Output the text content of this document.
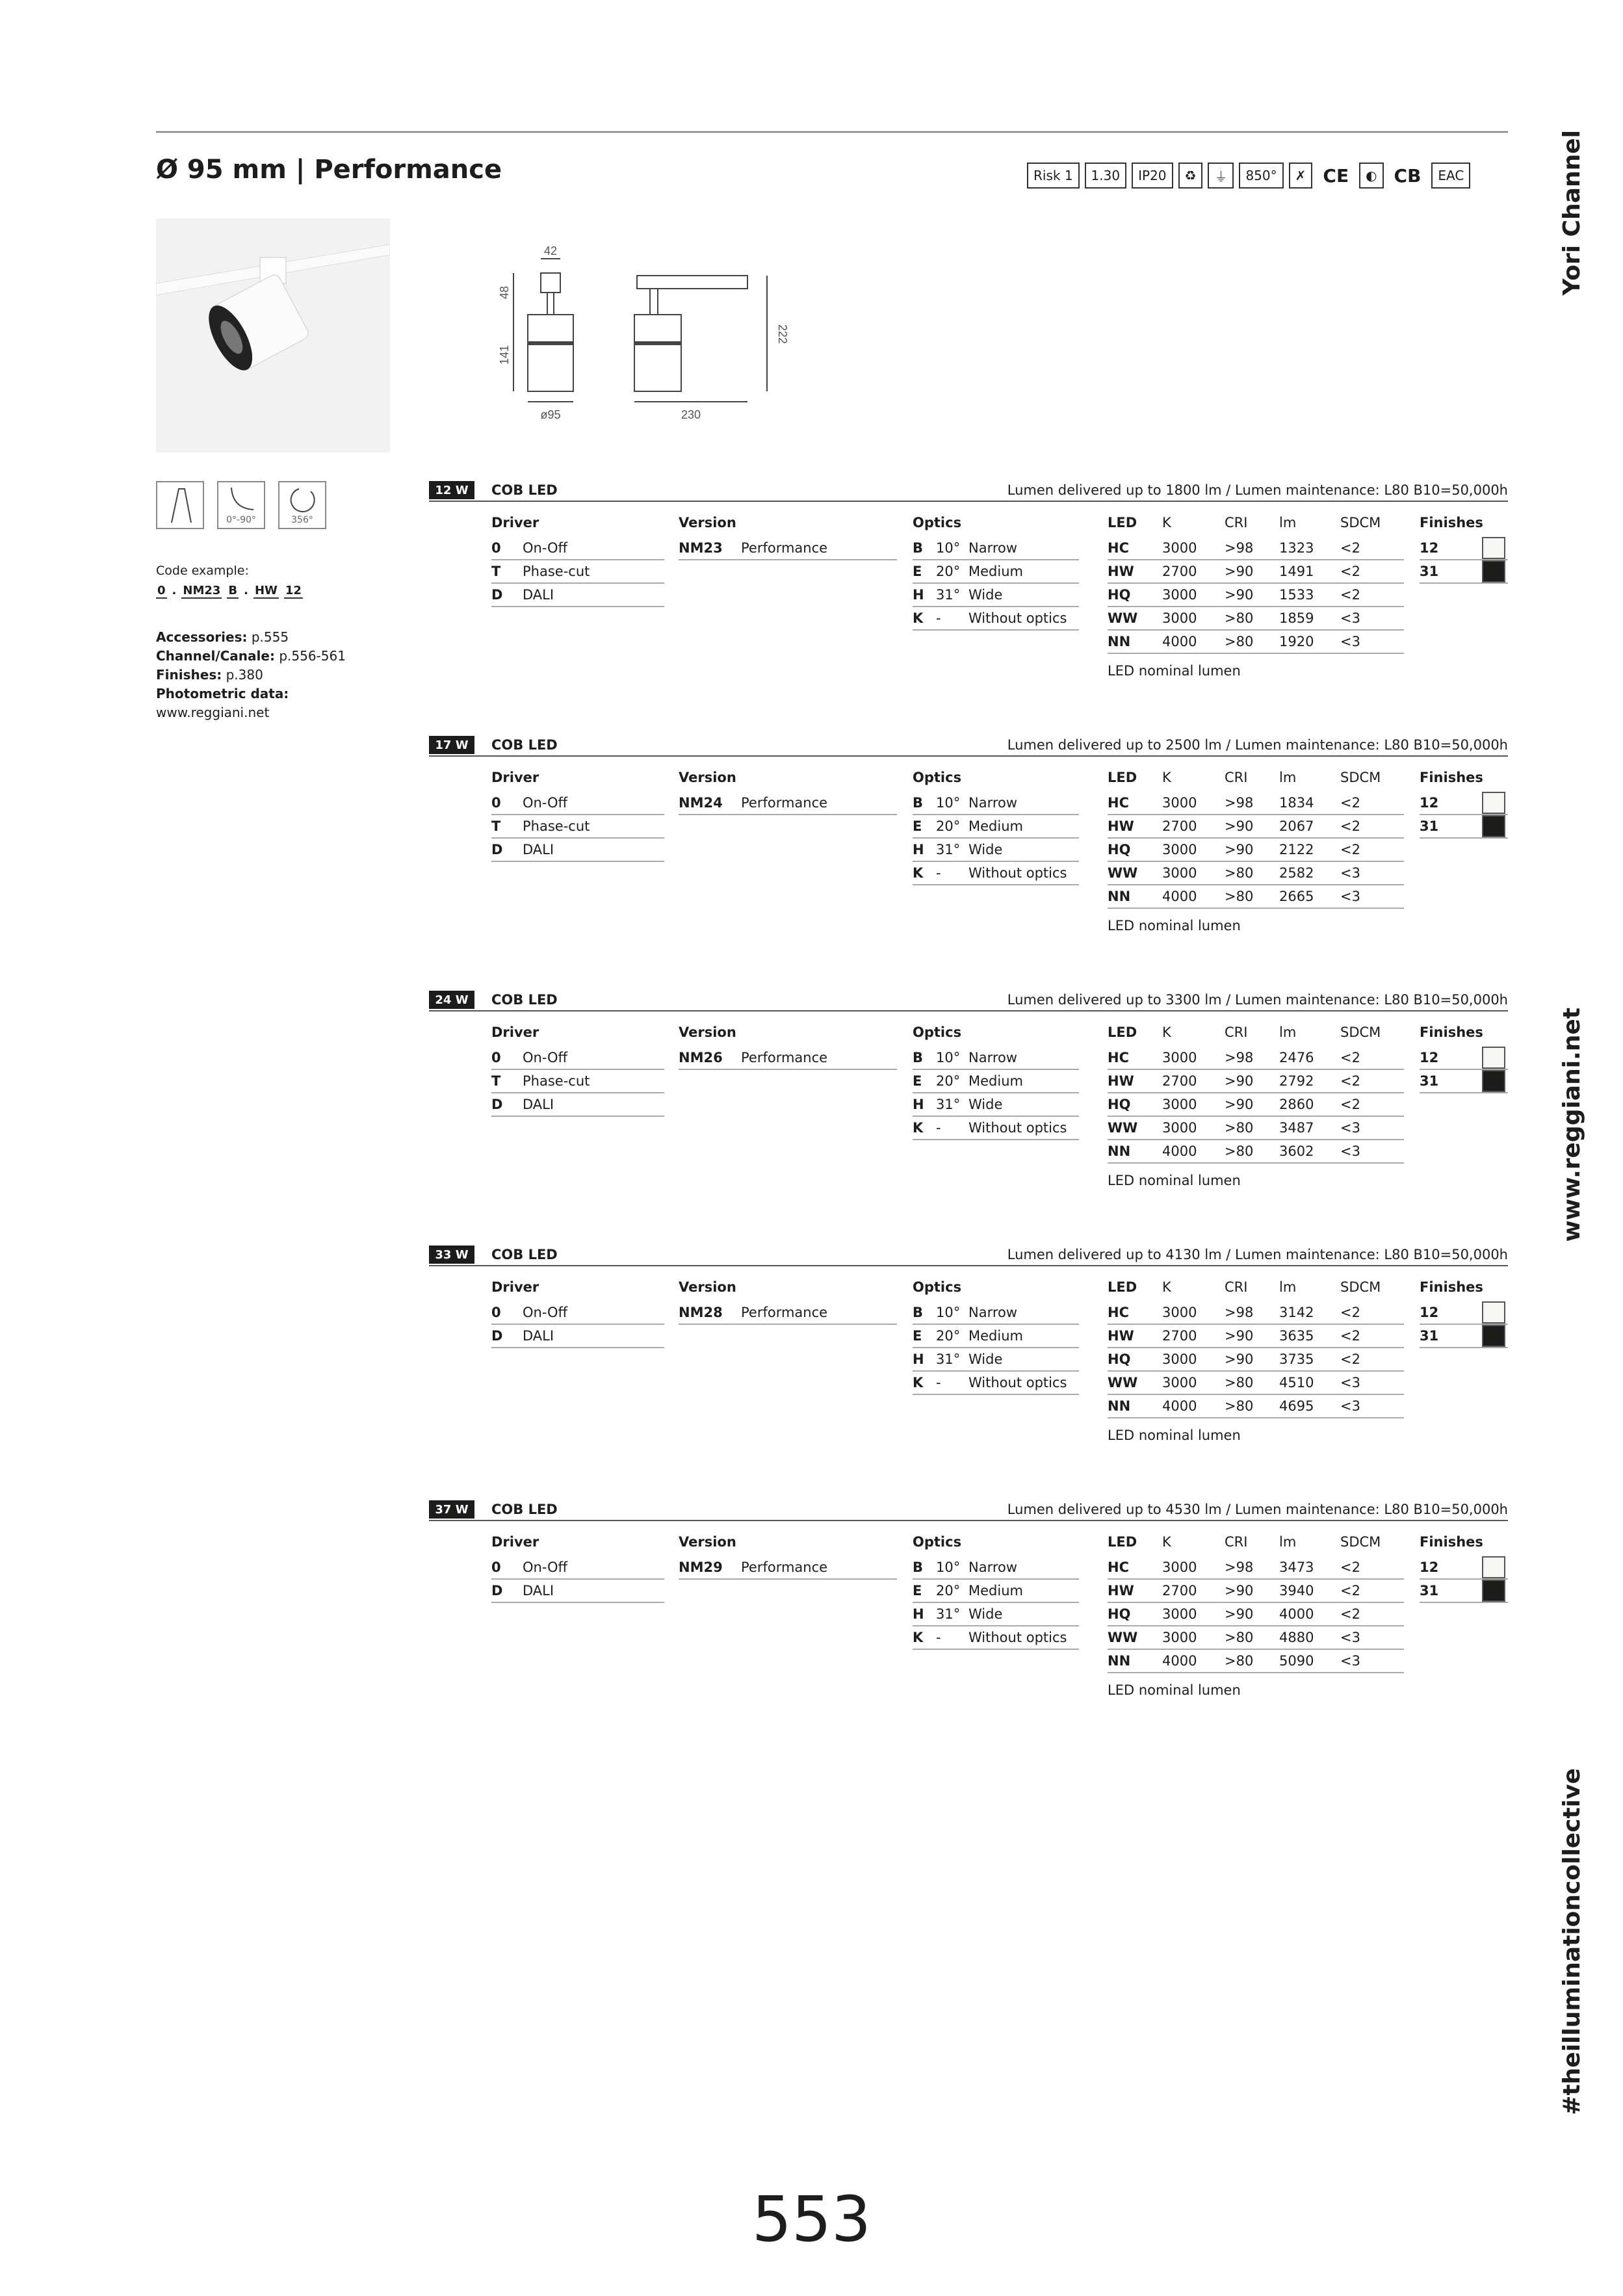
Ø 95 mm | Performance	Risk 1	1.30	IP20	♻	⏚	850°	✗ CE	◐ CB	EAC
42
48
141
222
ø95	230
0°-90°	356°
Code example:
0 . NM23 B . HW 12
Accessories: p.555
Channel/Canale: p.556-561
Finishes: p.380
Photometric data:
www.reggiani.net
Yori Channel
www.reggiani.net
#theilluminationcollective
12 W	COB LED	Lumen delivered up to 1800 lm / Lumen maintenance: L80 B10=50,000h
Driver
0	On-Off
T	Phase-cut
D	DALI
Version
NM23	Performance
Optics
B 10° Narrow
E	20° Medium
H 31° Wide
K -	Without optics
LED	K	CRI	lm	SDCM
HC	3000	>98	1323	<2
HW	2700	>90	1491	<2
HQ	3000	>90	1533	<2
WW	3000	>80	1859	<3
NN	4000	>80	1920	<3
LED nominal lumen
Finishes
12
31
17 W	COB LED	Lumen delivered up to 2500 lm / Lumen maintenance: L80 B10=50,000h
Driver
0	On-Off
T	Phase-cut
D	DALI
Version
NM24	Performance
Optics
B 10° Narrow
E	20° Medium
H 31° Wide
K -	Without optics
LED	K	CRI	lm	SDCM
HC	3000	>98	1834	<2
HW	2700	>90	2067	<2
HQ	3000	>90	2122	<2
WW	3000	>80	2582	<3
NN	4000	>80	2665	<3
LED nominal lumen
Finishes
12
31
24 W	COB LED	Lumen delivered up to 3300 lm / Lumen maintenance: L80 B10=50,000h
Driver
0	On-Off
T	Phase-cut
D	DALI
Version
NM26	Performance
Optics
B 10° Narrow
E	20° Medium
H 31° Wide
K -	Without optics
LED	K	CRI	lm	SDCM
HC	3000	>98	2476	<2
HW	2700	>90	2792	<2
HQ	3000	>90	2860	<2
WW	3000	>80	3487	<3
NN	4000	>80	3602	<3
LED nominal lumen
Finishes
12
31
33 W	COB LED	Lumen delivered up to 4130 lm / Lumen maintenance: L80 B10=50,000h
Driver
0	On-Off
D	DALI
Version
NM28	Performance
Optics
B 10° Narrow
E	20° Medium
H 31° Wide
K -	Without optics
LED	K	CRI	lm	SDCM
HC	3000	>98	3142	<2
HW	2700	>90	3635	<2
HQ	3000	>90	3735	<2
WW	3000	>80	4510	<3
NN	4000	>80	4695	<3
LED nominal lumen
Finishes
12
31
37 W	COB LED	Lumen delivered up to 4530 lm / Lumen maintenance: L80 B10=50,000h
Driver
0	On-Off
D	DALI
Version
NM29	Performance
Optics
B 10° Narrow
E	20° Medium
H 31° Wide
K -	Without optics
LED	K	CRI	lm	SDCM
HC	3000	>98	3473	<2
HW	2700	>90	3940	<2
HQ	3000	>90	4000	<2
WW	3000	>80	4880	<3
NN	4000	>80	5090	<3
LED nominal lumen
Finishes
12
31
553
